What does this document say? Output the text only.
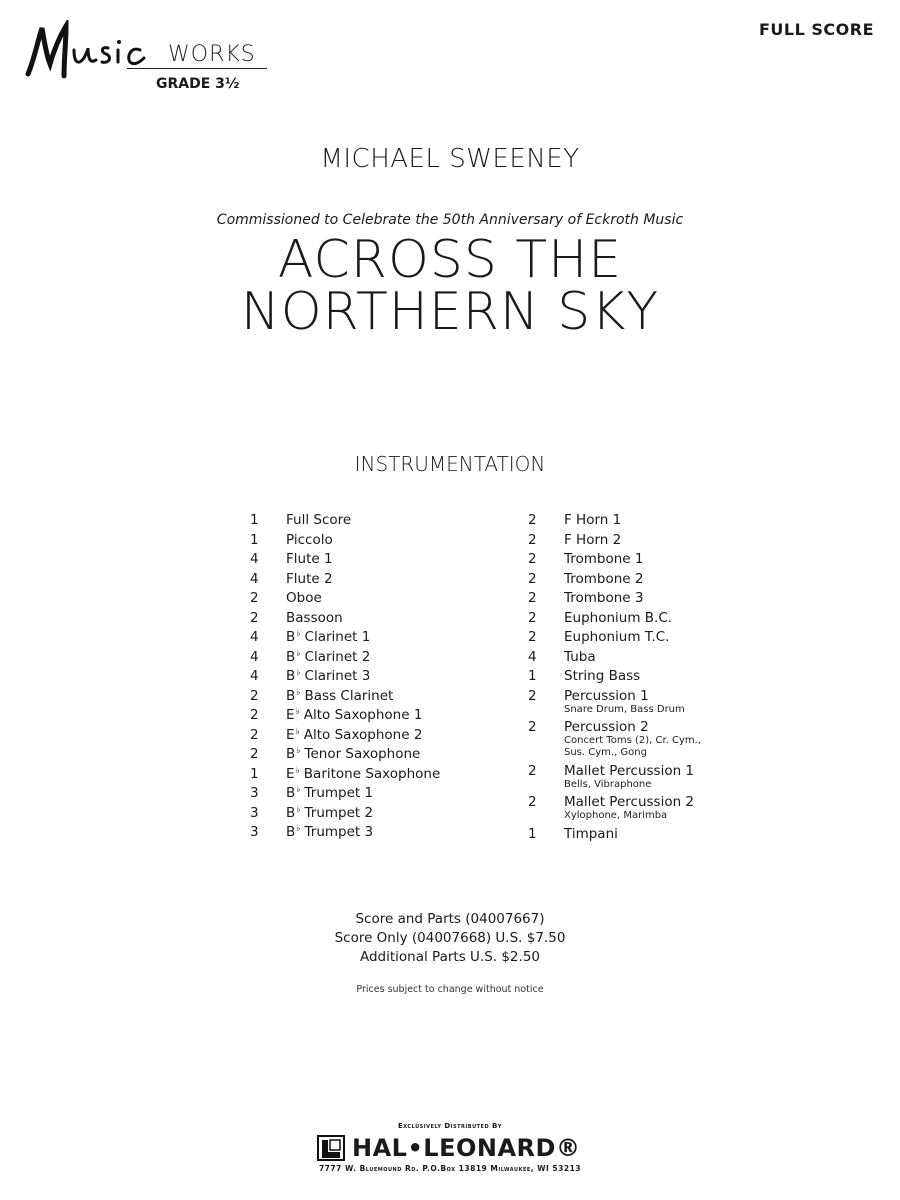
WORKS
GRADE 3½
FULL SCORE
MICHAEL SWEENEY
Commissioned to Celebrate the 50th Anniversary of Eckroth Music
ACROSS THE
NORTHERN SKY
INSTRUMENTATION
1	Full Score
1	Piccolo
4	Flute 1
4	Flute 2
2	Oboe
2	Bassoon
4	B♭ Clarinet 1
4	B♭ Clarinet 2
4	B♭ Clarinet 3
2	B♭ Bass Clarinet
2	E♭ Alto Saxophone 1
2	E♭ Alto Saxophone 2
2	B♭ Tenor Saxophone
1	E♭ Baritone Saxophone
3	B♭ Trumpet 1
3	B♭ Trumpet 2
3	B♭ Trumpet 3
2	F Horn 1
2	F Horn 2
2	Trombone 1
2	Trombone 2
2	Trombone 3
2	Euphonium B.C.
2	Euphonium T.C.
4	Tuba
1	String Bass
2	Percussion 1
Snare Drum, Bass Drum
2	Percussion 2
Concert Toms (2), Cr. Cym.,
Sus. Cym., Gong
2	Mallet Percussion 1
Bells, Vibraphone
2	Mallet Percussion 2
Xylophone, Marimba
1	Timpani
Score and Parts (04007667)
Score Only (04007668) U.S. $7.50
Additional Parts U.S. $2.50
Prices subject to change without notice
Exclusively Distributed By
HAL•LEONARD®
7777 W. Bluemound Rd. P.O.Box 13819 Milwaukee, WI 53213
